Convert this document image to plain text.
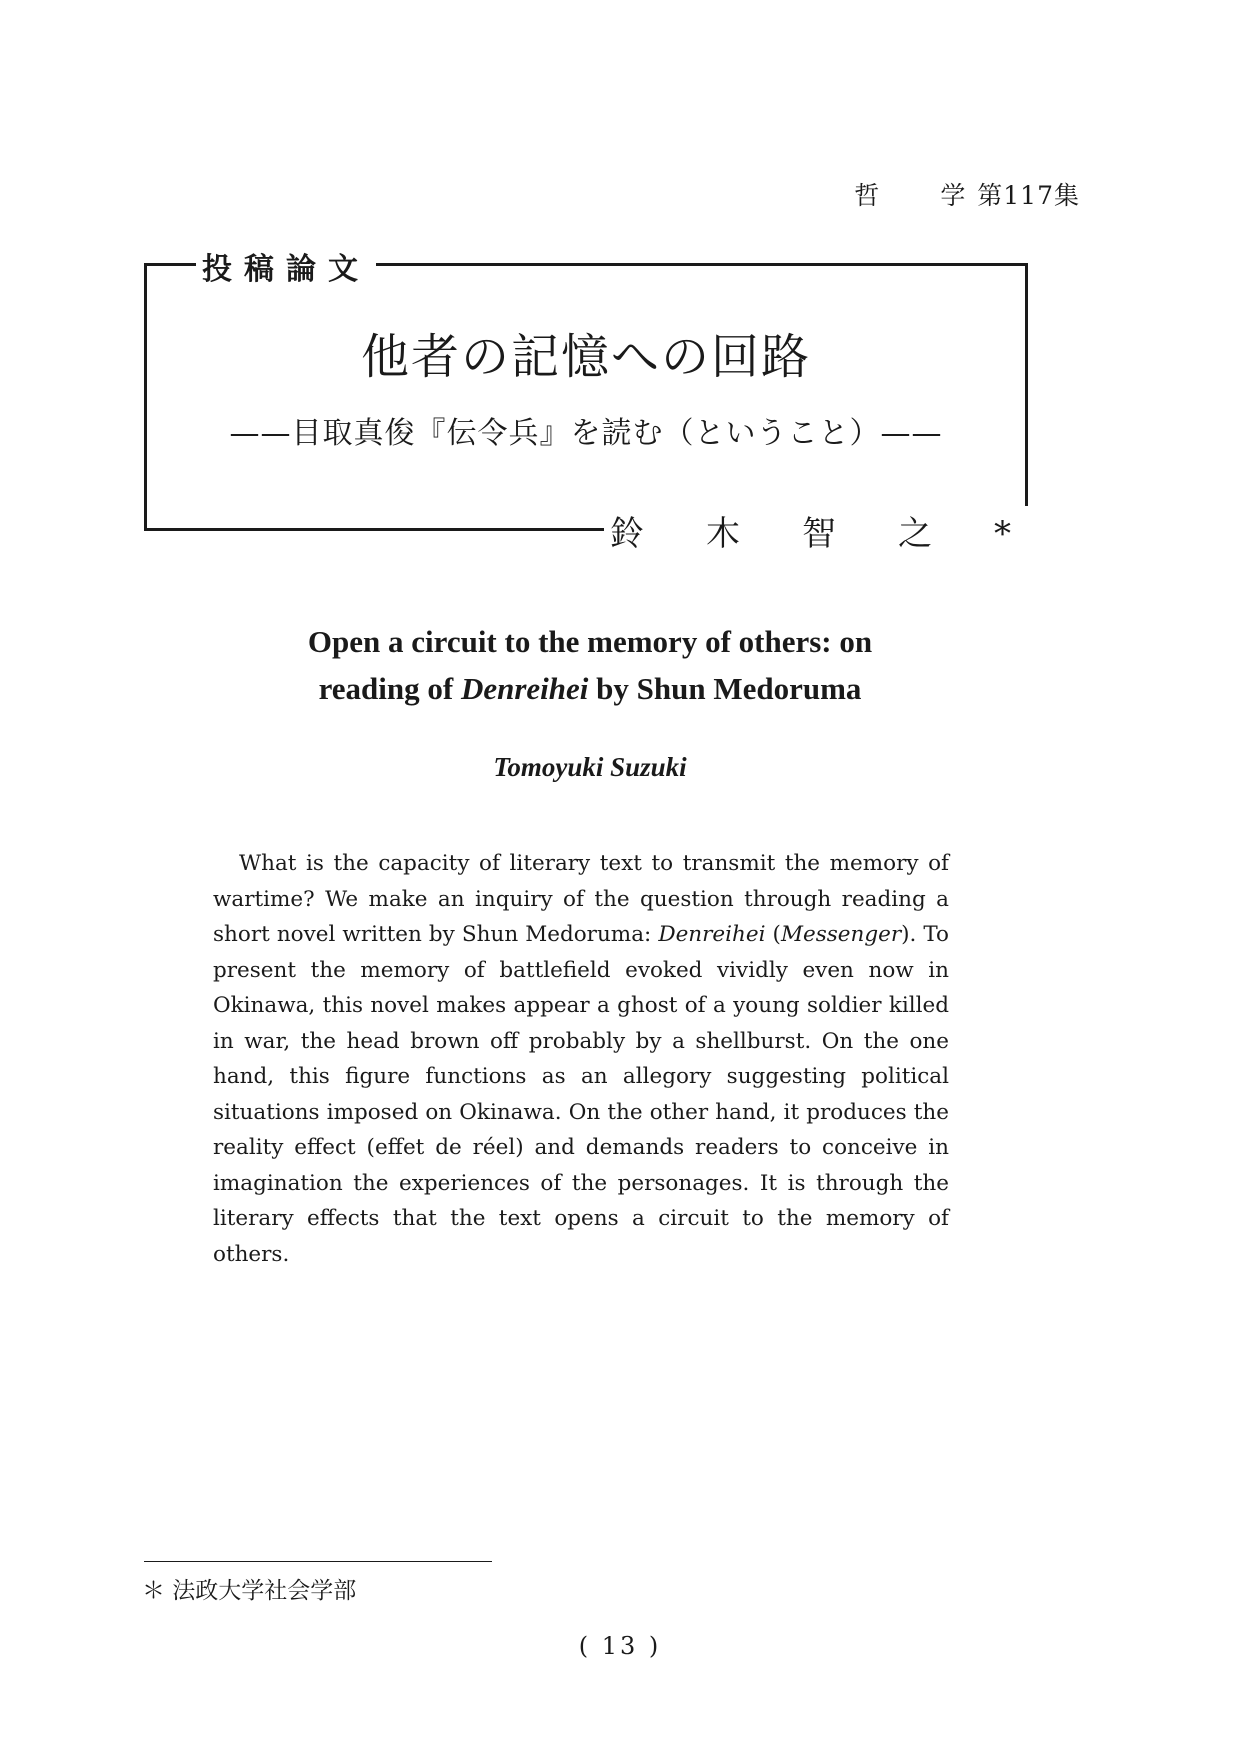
哲 学 第117集
投稿論文
他者の記憶への回路
——目取真俊『伝令兵』を読む（ということ）——
鈴木智之*
Open a circuit to the memory of others: on
reading of Denreihei by Shun Medoruma
Tomoyuki Suzuki
What is the capacity of literary text to transmit the memory of wartime? We make an inquiry of the question through reading a short novel written by Shun Medoruma: Denreihei (Messenger). To present the memory of battlefield evoked vividly even now in Okinawa, this novel makes appear a ghost of a young soldier killed in war, the head brown off probably by a shellburst. On the one hand, this figure functions as an allegory suggesting political situations imposed on Okinawa. On the other hand, it produces the reality effect (effet de réel) and demands readers to conceive in imagination the experiences of the personages. It is through the literary effects that the text opens a circuit to the memory of others.
＊ 法政大学社会学部
( 13 )
